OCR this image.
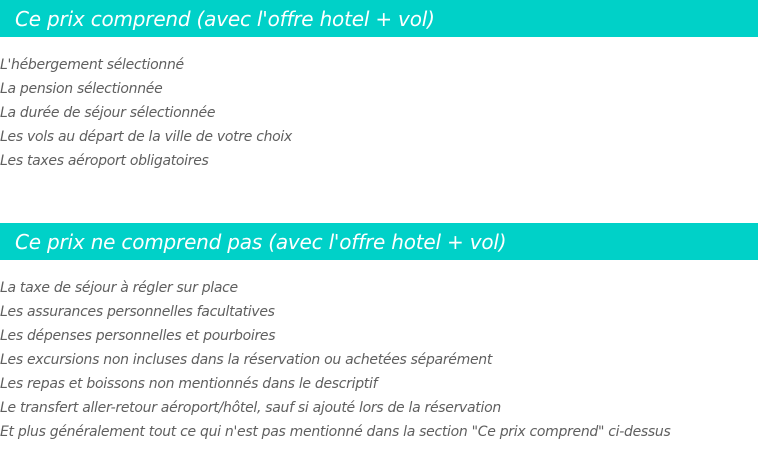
Ce prix comprend (avec l'offre hotel + vol)
L'hébergement sélectionné
La pension sélectionnée
La durée de séjour sélectionnée
Les vols au départ de la ville de votre choix
Les taxes aéroport obligatoires
Ce prix ne comprend pas (avec l'offre hotel + vol)
La taxe de séjour à régler sur place
Les assurances personnelles facultatives
Les dépenses personnelles et pourboires
Les excursions non incluses dans la réservation ou achetées séparément
Les repas et boissons non mentionnés dans le descriptif
Le transfert aller-retour aéroport/hôtel, sauf si ajouté lors de la réservation
Et plus généralement tout ce qui n'est pas mentionné dans la section "Ce prix comprend" ci-dessus
